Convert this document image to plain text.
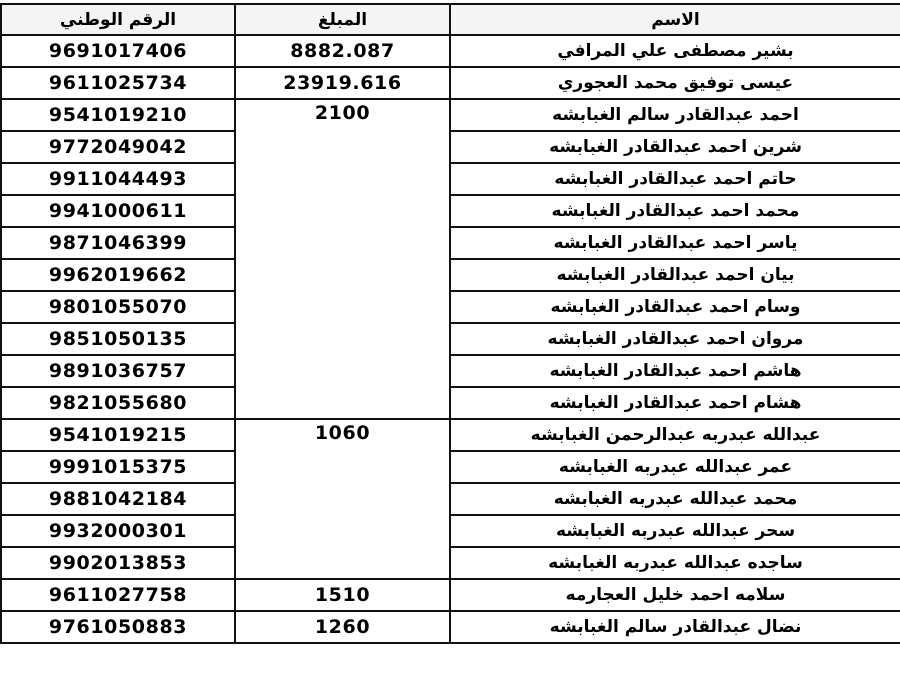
الرقم الوطني	المبلغ	الاسم
9691017406	8882.087	بشير مصطفى علي المرافي
9611025734	23919.616	عيسى توفيق محمد العجوري
9541019210	2100	احمد عبدالقادر سالم الغبابشه
9772049042		شرين احمد عبدالقادر الغبابشه
9911044493		حاتم احمد عبدالقادر الغبابشه
9941000611		محمد احمد عبدالقادر الغبابشه
9871046399		ياسر احمد عبدالقادر الغبابشه
9962019662		بيان احمد عبدالقادر الغبابشه
9801055070		وسام احمد عبدالقادر الغبابشه
9851050135		مروان احمد عبدالقادر الغبابشه
9891036757		هاشم احمد عبدالقادر الغبابشه
9821055680		هشام احمد عبدالقادر الغبابشه
9541019215	1060	عبدالله عبدربه عبدالرحمن الغبابشه
9991015375		عمر عبدالله عبدربه الغبابشه
9881042184		محمد عبدالله عبدربه الغبابشه
9932000301		سحر عبدالله عبدربه الغبابشه
9902013853		ساجده عبدالله عبدربه الغبابشه
9611027758	1510	سلامه احمد خليل العجارمه
9761050883	1260	نضال عبدالقادر سالم الغبابشه
